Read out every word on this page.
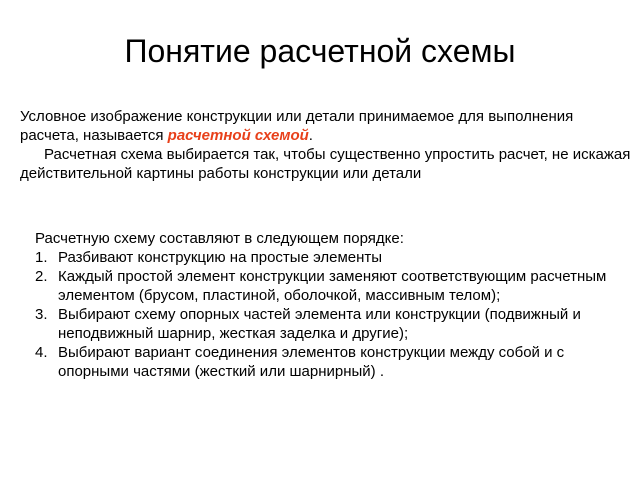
Понятие расчетной схемы

Условное изображение конструкции или детали принимаемое для выполнения расчета, называется расчетной схемой.

Расчетная схема выбирается так, чтобы существенно упростить расчет, не искажая действительной картины работы конструкции или детали

Расчетную схему составляют в следующем порядке:

1. Разбивают конструкцию на простые элементы
2. Каждый простой элемент конструкции заменяют соответствующим расчетным элементом (брусом, пластиной, оболочкой, массивным телом);
3. Выбирают схему опорных частей элемента или конструкции (подвижный и неподвижный шарнир, жесткая заделка и другие);
4. Выбирают вариант соединения элементов конструкции между собой и с опорными частями (жесткий или шарнирный) .
